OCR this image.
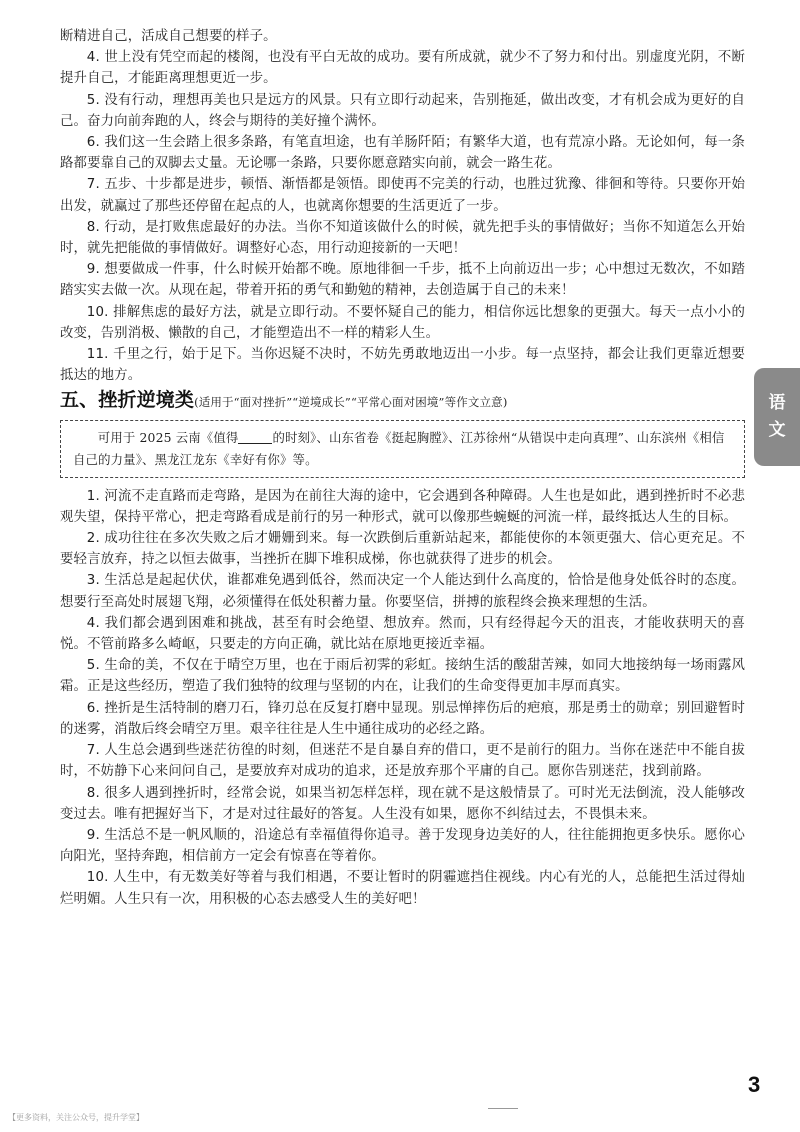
断精进自己，活成自己想要的样子。

4. 世上没有凭空而起的楼阁，也没有平白无故的成功。要有所成就，就少不了努力和付出。别虚度光阴，不断提升自己，才能距离理想更近一步。

5. 没有行动，理想再美也只是远方的风景。只有立即行动起来，告别拖延，做出改变，才有机会成为更好的自己。奋力向前奔跑的人，终会与期待的美好撞个满怀。

6. 我们这一生会踏上很多条路，有笔直坦途，也有羊肠阡陌；有繁华大道，也有荒凉小路。无论如何，每一条路都要靠自己的双脚去丈量。无论哪一条路，只要你愿意踏实向前，就会一路生花。

7. 五步、十步都是进步，顿悟、渐悟都是领悟。即使再不完美的行动，也胜过犹豫、徘徊和等待。只要你开始出发，就赢过了那些还停留在起点的人，也就离你想要的生活更近了一步。

8. 行动，是打败焦虑最好的办法。当你不知道该做什么的时候，就先把手头的事情做好；当你不知道怎么开始时，就先把能做的事情做好。调整好心态，用行动迎接新的一天吧！

9. 想要做成一件事，什么时候开始都不晚。原地徘徊一千步，抵不上向前迈出一步；心中想过无数次，不如踏踏实实去做一次。从现在起，带着开拓的勇气和勤勉的精神，去创造属于自己的未来！

10. 排解焦虑的最好方法，就是立即行动。不要怀疑自己的能力，相信你远比想象的更强大。每天一点小小的改变，告别消极、懒散的自己，才能塑造出不一样的精彩人生。

11. 千里之行，始于足下。当你迟疑不决时，不妨先勇敢地迈出一小步。每一点坚持，都会让我们更靠近想要抵达的地方。

五、挫折逆境类(适用于“面对挫折”“逆境成长”“平常心面对困境”等作文立意)
可用于 2025 云南《值得	的时刻》、山东省卷《挺起胸膛》、江苏徐州“从错误中走向真理”、山东滨州《相信自己的力量》、黑龙江龙东《幸好有你》等。

1. 河流不走直路而走弯路，是因为在前往大海的途中，它会遇到各种障碍。人生也是如此，遇到挫折时不必悲观失望，保持平常心，把走弯路看成是前行的另一种形式，就可以像那些蜿蜒的河流一样，最终抵达人生的目标。

2. 成功往往在多次失败之后才姗姗到来。每一次跌倒后重新站起来，都能使你的本领更强大、信心更充足。不要轻言放弃，持之以恒去做事，当挫折在脚下堆积成梯，你也就获得了进步的机会。

3. 生活总是起起伏伏，谁都难免遇到低谷，然而决定一个人能达到什么高度的，恰恰是他身处低谷时的态度。想要行至高处时展翅飞翔，必须懂得在低处积蓄力量。你要坚信，拼搏的旅程终会换来理想的生活。

4. 我们都会遇到困难和挑战，甚至有时会绝望、想放弃。然而，只有经得起今天的沮丧，才能收获明天的喜悦。不管前路多么崎岖，只要走的方向正确，就比站在原地更接近幸福。

5. 生命的美，不仅在于晴空万里，也在于雨后初霁的彩虹。接纳生活的酸甜苦辣，如同大地接纳每一场雨露风霜。正是这些经历，塑造了我们独特的纹理与坚韧的内在，让我们的生命变得更加丰厚而真实。

6. 挫折是生活特制的磨刀石，锋刃总在反复打磨中显现。别忌惮摔伤后的疤痕，那是勇士的勋章；别回避暂时的迷雾，消散后终会晴空万里。艰辛往往是人生中通往成功的必经之路。

7. 人生总会遇到些迷茫彷徨的时刻，但迷茫不是自暴自弃的借口，更不是前行的阻力。当你在迷茫中不能自拔时，不妨静下心来问问自己，是要放弃对成功的追求，还是放弃那个平庸的自己。愿你告别迷茫，找到前路。

8. 很多人遇到挫折时，经常会说，如果当初怎样怎样，现在就不是这般情景了。可时光无法倒流，没人能够改变过去。唯有把握好当下，才是对过往最好的答复。人生没有如果，愿你不纠结过去，不畏惧未来。

9. 生活总不是一帆风顺的，沿途总有幸福值得你追寻。善于发现身边美好的人，往往能拥抱更多快乐。愿你心向阳光，坚持奔跑，相信前方一定会有惊喜在等着你。

10. 人生中，有无数美好等着与我们相遇，不要让暂时的阴霾遮挡住视线。内心有光的人，总能把生活过得灿烂明媚。人生只有一次，用积极的心态去感受人生的美好吧！

语
文
3
【更多资料，关注公众号，提升学堂】
